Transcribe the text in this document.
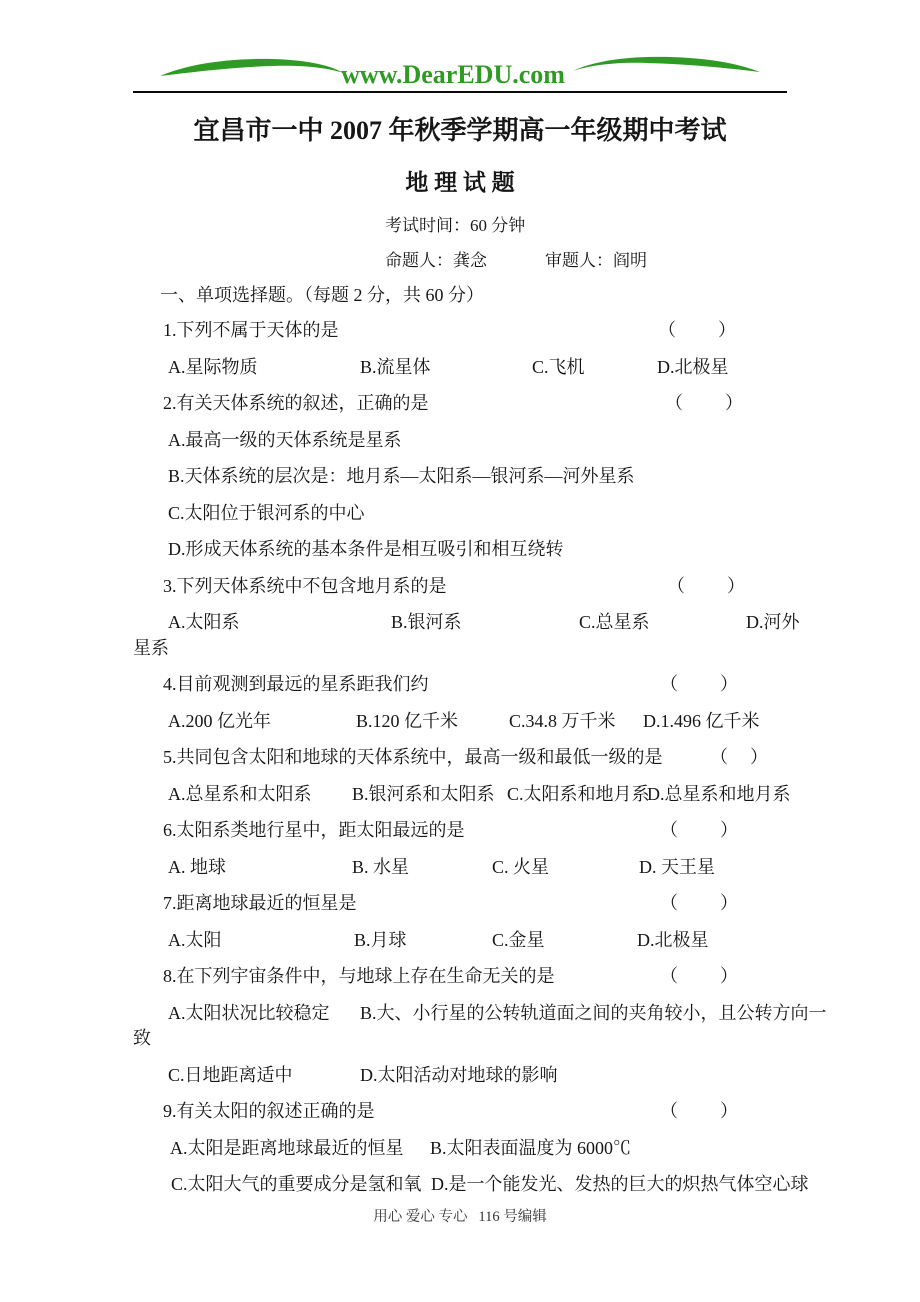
www.DearEDU.com
宜昌市一中 2007 年秋季学期高一年级期中考试
地 理 试 题
考试时间：60 分钟
命题人：龚念	审题人：阎明
一、单项选择题。（每题 2 分，共 60 分）
1.下列不属于天体的是	（　　）
A.星际物质	B.流星体	C.飞机	D.北极星
2.有关天体系统的叙述，正确的是	（　　）
A.最高一级的天体系统是星系
B.天体系统的层次是：地月系—太阳系—银河系—河外星系
C.太阳位于银河系的中心
D.形成天体系统的基本条件是相互吸引和相互绕转
3.下列天体系统中不包含地月系的是	（　　）
A.太阳系	B.银河系	C.总星系	D.河外
星系
4.目前观测到最远的星系距我们约	（　　）
A.200 亿光年	B.120 亿千米	C.34.8 万千米 D.1.496 亿千米
5.共同包含太阳和地球的天体系统中，最高一级和最低一级的是	（　）
A.总星系和太阳系 B.银河系和太阳系 C.太阳系和地月系
D.总星系和地月系
6.太阳系类地行星中，距太阳最远的是	（　　）
A. 地球	B. 水星	C. 火星	D. 天王星
7.距离地球最近的恒星是	（　　）
A.太阳	B.月球	C.金星	D.北极星
8.在下列宇宙条件中，与地球上存在生命无关的是	（　　）
A.太阳状况比较稳定 B.大、小行星的公转轨道面之间的夹角较小，且公转方向一
致
C.日地距离适中	D.太阳活动对地球的影响
9.有关太阳的叙述正确的是	（　　）
A.太阳是距离地球最近的恒星 B.太阳表面温度为 6000℃
C.太阳大气的重要成分是氢和氧 D.是一个能发光、发热的巨大的炽热气体空心球
用心 爱心 专心   116 号编辑
